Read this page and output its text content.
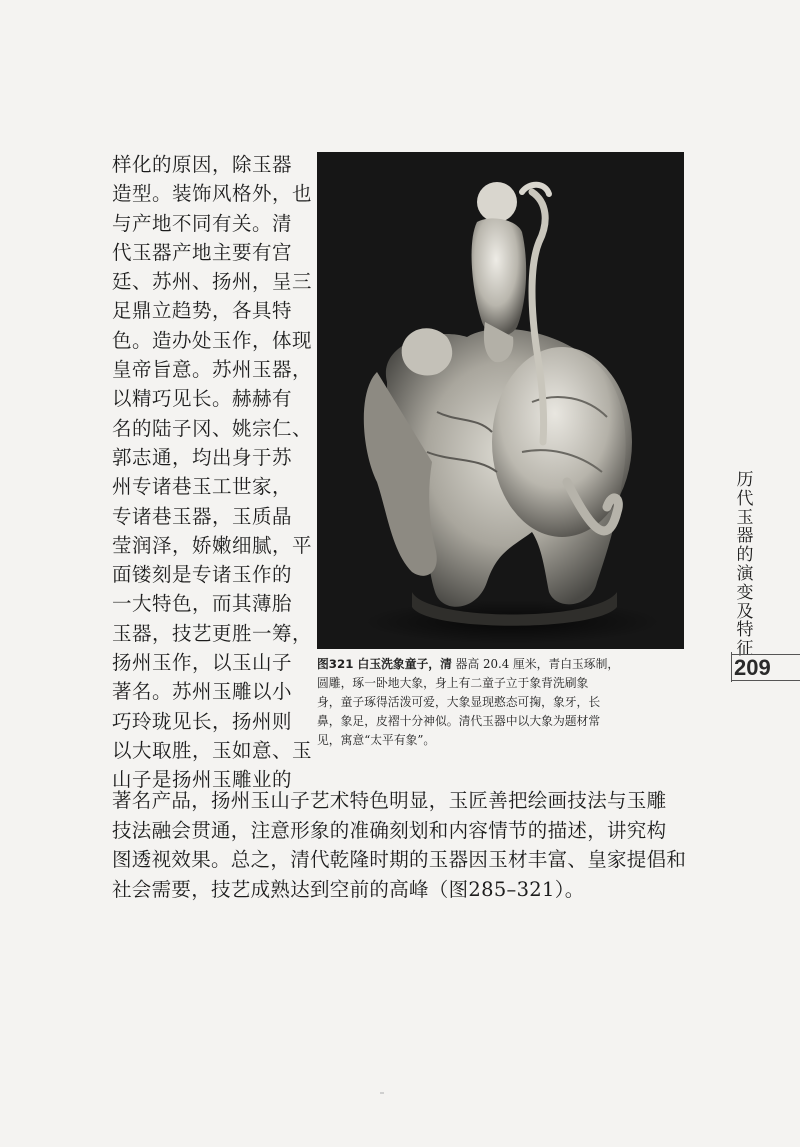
样化的原因，除玉器

造型。装饰风格外，也

与产地不同有关。清

代玉器产地主要有宫

廷、苏州、扬州，呈三

足鼎立趋势，各具特

色。造办处玉作，体现

皇帝旨意。苏州玉器，

以精巧见长。赫赫有

名的陆子冈、姚宗仁、

郭志通，均出身于苏

州专诸巷玉工世家，

专诸巷玉器，玉质晶

莹润泽，娇嫩细腻，平

面镂刻是专诸玉作的

一大特色，而其薄胎

玉器，技艺更胜一筹，

扬州玉作，以玉山子

著名。苏州玉雕以小

巧玲珑见长，扬州则

以大取胜，玉如意、玉

山子是扬州玉雕业的

图321 白玉洗象童子，清 器高 20.4 厘米，青白玉琢制，

圆雕，琢一卧地大象，身上有二童子立于象背洗刷象

身，童子琢得活泼可爱，大象显现憨态可掬，象牙，长

鼻，象足，皮褶十分神似。清代玉器中以大象为题材常

见，寓意“太平有象”。

著名产品，扬州玉山子艺术特色明显，玉匠善把绘画技法与玉雕

技法融会贯通，注意形象的准确刻划和内容情节的描述，讲究构

图透视效果。总之，清代乾隆时期的玉器因玉材丰富、皇家提倡和

社会需要，技艺成熟达到空前的高峰（图285–321）。

历代玉器的演变及特征
209
